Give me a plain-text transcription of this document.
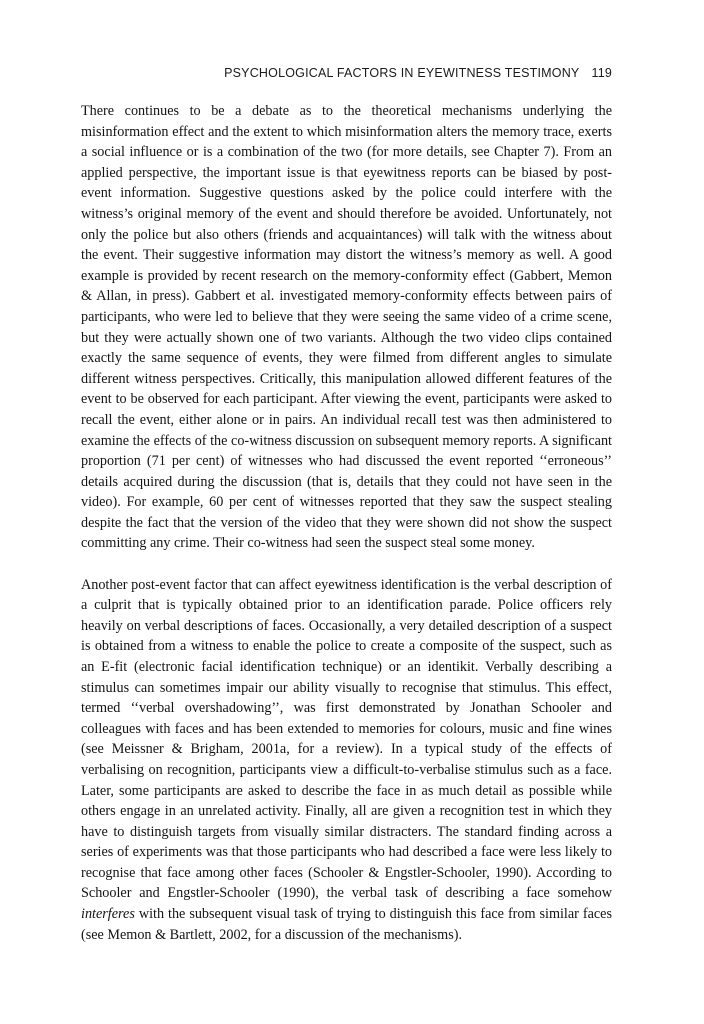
PSYCHOLOGICAL FACTORS IN EYEWITNESS TESTIMONY 119

There continues to be a debate as to the theoretical mechanisms underlying the misinformation effect and the extent to which misinformation alters the memory trace, exerts a social influence or is a combination of the two (for more details, see Chapter 7). From an applied perspective, the important issue is that eyewitness reports can be biased by post-event information. Suggestive questions asked by the police could interfere with the witness’s original memory of the event and should therefore be avoided. Unfortunately, not only the police but also others (friends and acquaintances) will talk with the witness about the event. Their suggestive information may distort the witness’s memory as well. A good example is provided by recent research on the memory-conformity effect (Gabbert, Memon & Allan, in press). Gabbert et al. investigated memory-conformity effects between pairs of participants, who were led to believe that they were seeing the same video of a crime scene, but they were actually shown one of two variants. Although the two video clips contained exactly the same sequence of events, they were filmed from different angles to simulate different witness perspectives. Critically, this manipulation allowed different features of the event to be observed for each participant. After viewing the event, participants were asked to recall the event, either alone or in pairs. An individual recall test was then administered to examine the effects of the co-witness discussion on subsequent memory reports. A significant proportion (71 per cent) of witnesses who had discussed the event reported ‘‘erroneous’’ details acquired during the discussion (that is, details that they could not have seen in the video). For example, 60 per cent of witnesses reported that they saw the suspect stealing despite the fact that the version of the video that they were shown did not show the suspect committing any crime. Their co-witness had seen the suspect steal some money.

Another post-event factor that can affect eyewitness identification is the verbal description of a culprit that is typically obtained prior to an identification parade. Police officers rely heavily on verbal descriptions of faces. Occasionally, a very detailed description of a suspect is obtained from a witness to enable the police to create a composite of the suspect, such as an E-fit (electronic facial identification technique) or an identikit. Verbally describing a stimulus can sometimes impair our ability visually to recognise that stimulus. This effect, termed ‘‘verbal overshadowing’’, was first demonstrated by Jonathan Schooler and colleagues with faces and has been extended to memories for colours, music and fine wines (see Meissner & Brigham, 2001a, for a review). In a typical study of the effects of verbalising on recognition, participants view a difficult-to-verbalise stimulus such as a face. Later, some participants are asked to describe the face in as much detail as possible while others engage in an unrelated activity. Finally, all are given a recognition test in which they have to distinguish targets from visually similar distracters. The standard finding across a series of experiments was that those participants who had described a face were less likely to recognise that face among other faces (Schooler & Engstler-Schooler, 1990). According to Schooler and Engstler-Schooler (1990), the verbal task of describing a face somehow interferes with the subsequent visual task of trying to distinguish this face from similar faces (see Memon & Bartlett, 2002, for a discussion of the mechanisms).
